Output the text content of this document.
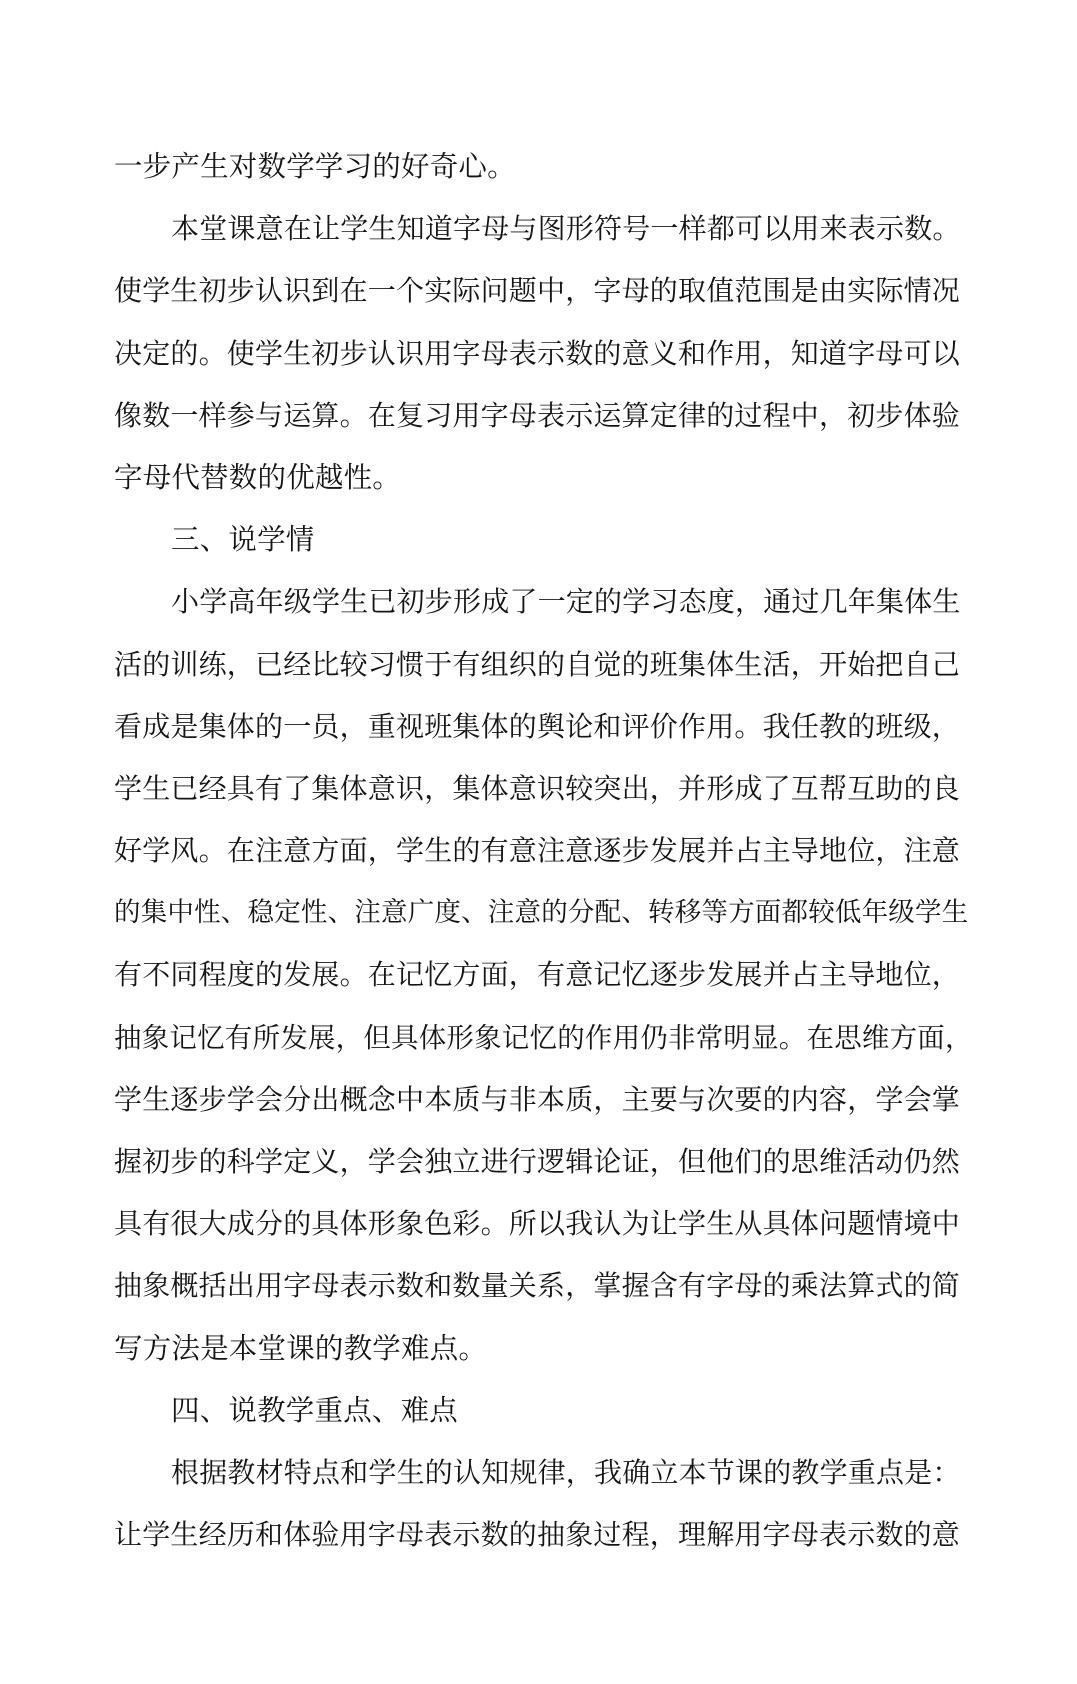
一步产生对数学学习的好奇心。
本堂课意在让学生知道字母与图形符号一样都可以用来表示数。
使学生初步认识到在一个实际问题中，字母的取值范围是由实际情况
决定的。使学生初步认识用字母表示数的意义和作用，知道字母可以
像数一样参与运算。在复习用字母表示运算定律的过程中，初步体验
字母代替数的优越性。
三、说学情
小学高年级学生已初步形成了一定的学习态度，通过几年集体生
活的训练，已经比较习惯于有组织的自觉的班集体生活，开始把自己
看成是集体的一员，重视班集体的舆论和评价作用。我任教的班级，
学生已经具有了集体意识，集体意识较突出，并形成了互帮互助的良
好学风。在注意方面，学生的有意注意逐步发展并占主导地位，注意
的集中性、稳定性、注意广度、注意的分配、转移等方面都较低年级学生
有不同程度的发展。在记忆方面，有意记忆逐步发展并占主导地位，
抽象记忆有所发展，但具体形象记忆的作用仍非常明显。在思维方面，
学生逐步学会分出概念中本质与非本质，主要与次要的内容，学会掌
握初步的科学定义，学会独立进行逻辑论证，但他们的思维活动仍然
具有很大成分的具体形象色彩。所以我认为让学生从具体问题情境中
抽象概括出用字母表示数和数量关系，掌握含有字母的乘法算式的简
写方法是本堂课的教学难点。
四、说教学重点、难点
根据教材特点和学生的认知规律，我确立本节课的教学重点是：
让学生经历和体验用字母表示数的抽象过程，理解用字母表示数的意
